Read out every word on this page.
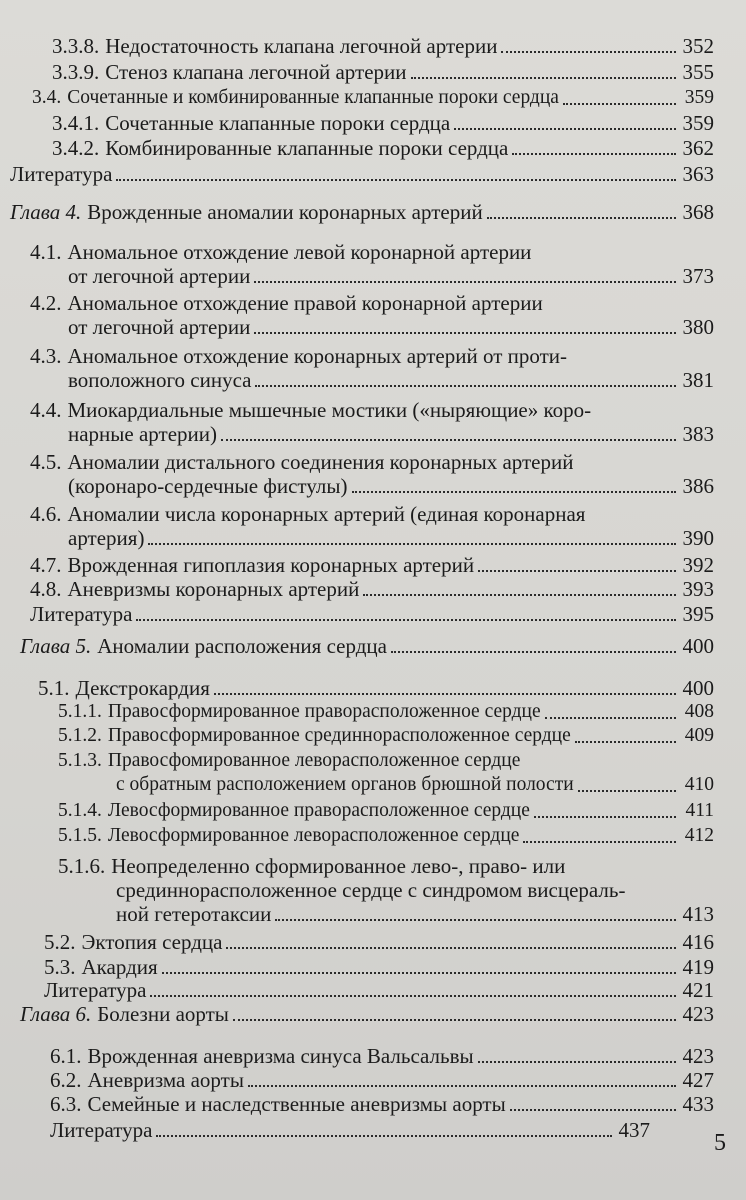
3.3.8. Недостаточность клапана легочной артерии	352
3.3.9. Стеноз клапана легочной артерии	355
3.4. Сочетанные и комбинированные клапанные пороки сердца	359
3.4.1. Сочетанные клапанные пороки сердца	359
3.4.2. Комбинированные клапанные пороки сердца	362
Литература	363
Глава 4. Врожденные аномалии коронарных артерий	368
4.1. Аномальное отхождение левой коронарной артерии
от легочной артерии	373
4.2. Аномальное отхождение правой коронарной артерии
от легочной артерии	380
4.3. Аномальное отхождение коронарных артерий от проти-
воположного синуса	381
4.4. Миокардиальные мышечные мостики («ныряющие» коро-
нарные артерии)	383
4.5. Аномалии дистального соединения коронарных артерий
(коронаро-сердечные фистулы)	386
4.6. Аномалии числа коронарных артерий (единая коронарная
артерия)	390
4.7. Врожденная гипоплазия коронарных артерий	392
4.8. Аневризмы коронарных артерий	393
Литература	395
Глава 5. Аномалии расположения сердца	400
5.1. Декстрокардия	400
5.1.1. Правосформированное праворасположенное сердце	408
5.1.2. Правосформированное срединнорасположенное сердце	409
5.1.3. Правосфомированное леворасположенное сердце
с обратным расположением органов брюшной полости	410
5.1.4. Левосформированное праворасположенное сердце	411
5.1.5. Левосформированное леворасположенное сердце	412
5.1.6. Неопределенно сформированное лево-, право- или
срединнорасположенное сердце с синдромом висцераль-
ной гетеротаксии	413
5.2. Эктопия сердца	416
5.3. Акардия	419
Литература	421
Глава 6. Болезни аорты	423
6.1. Врожденная аневризма синуса Вальсальвы	423
6.2. Аневризма аорты	427
6.3. Семейные и наследственные аневризмы аорты	433
Литература	437	5
